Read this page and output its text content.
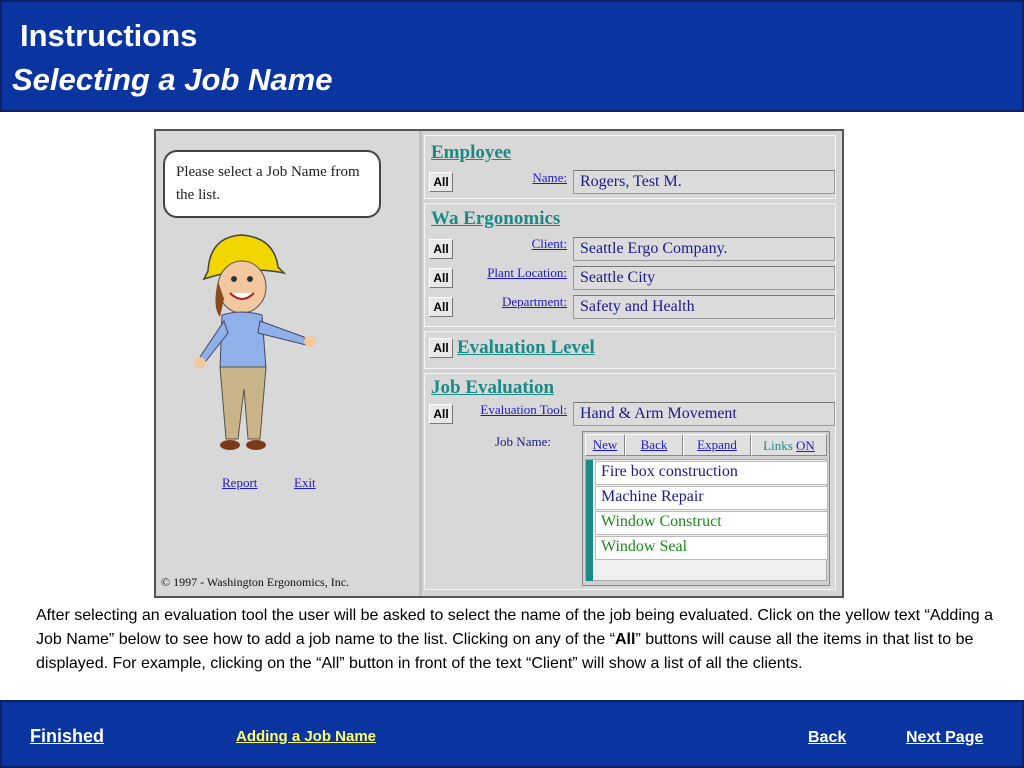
Instructions
Selecting a Job Name
Please select a Job Name from the list.
Report	Exit
© 1997 - Washington Ergonomics, Inc.
Employee
All	Name: Rogers, Test M.
Wa Ergonomics
All	Client: Seattle Ergo Company.
All	Plant Location: Seattle City
All	Department: Safety and Health
All Evaluation Level
Job Evaluation
All	Evaluation Tool: Hand & Arm Movement
Job Name:	New	Back	Expand	Links ON
Fire box construction
Machine Repair
Window Construct
Window Seal
After selecting an evaluation tool the user will be asked to select the name of the job being evaluated. Click on the yellow text “Adding a Job Name” below to see how to add a job name to the list. Clicking on any of the “All” buttons will cause all the items in that list to be displayed. For example, clicking on the “All” button in front of the text “Client” will show a list of all the clients.
Finished	Adding a Job Name	Back	Next Page
